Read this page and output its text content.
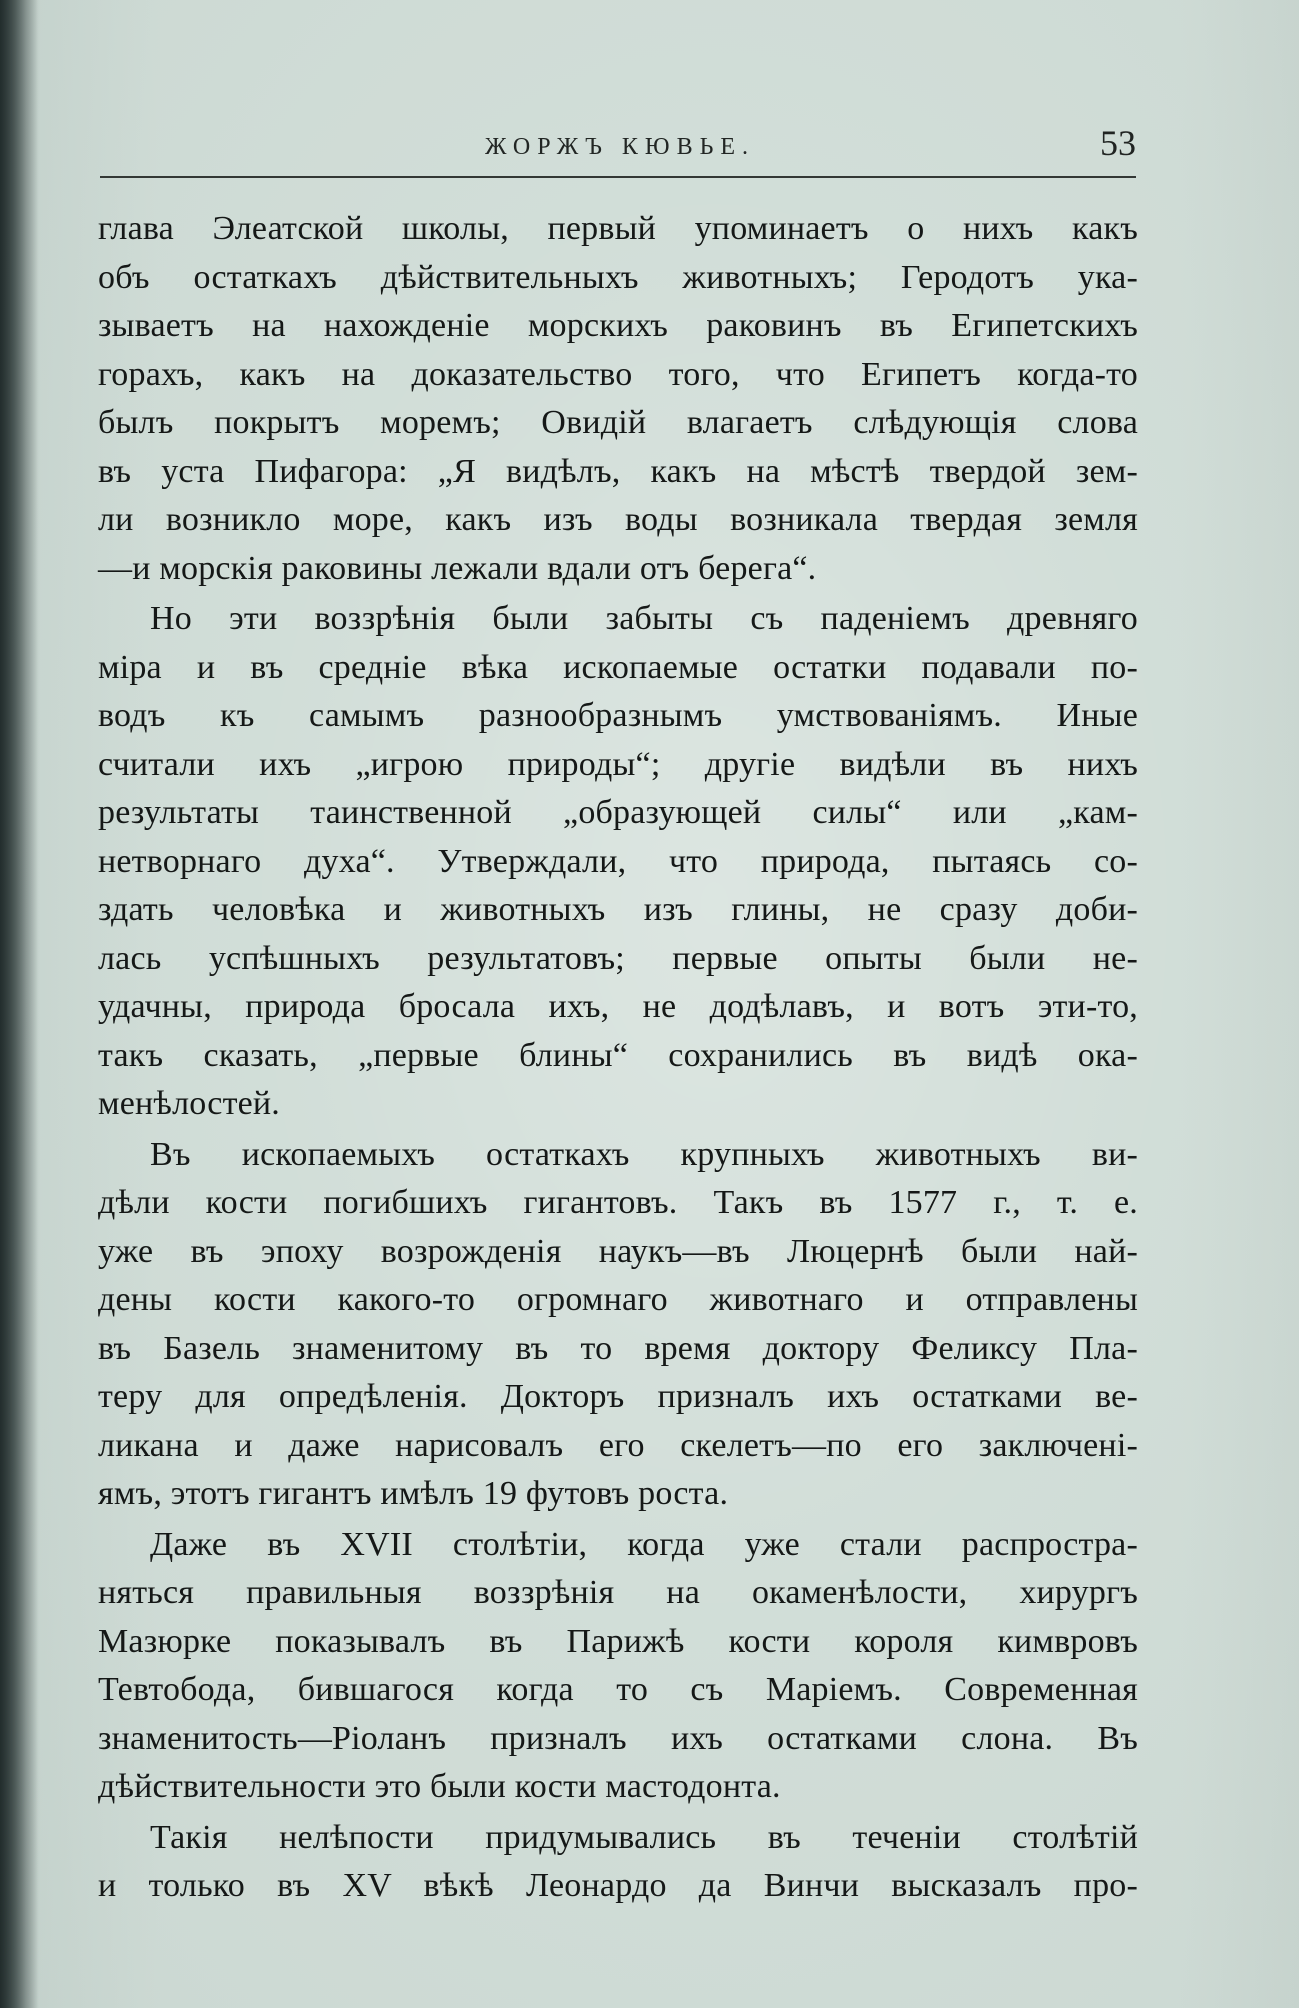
ЖОРЖЪ КЮВЬЕ.	53
глава Элеатской школы, первый упоминаетъ о нихъ какъ
объ остаткахъ дѣйствительныхъ животныхъ; Геродотъ ука-
зываетъ на нахожденіе морскихъ раковинъ въ Египетскихъ
горахъ, какъ на доказательство того, что Египетъ когда-то
былъ покрытъ моремъ; Овидій влагаетъ слѣдующія слова
въ уста Пифагора: „Я видѣлъ, какъ на мѣстѣ твердой зем-
ли возникло море, какъ изъ воды возникала твердая земля
—и морскія раковины лежали вдали отъ берега“.
Но эти воззрѣнія были забыты съ паденіемъ древняго
міра и въ средніе вѣка ископаемые остатки подавали по-
водъ къ самымъ разнообразнымъ умствованіямъ. Иные
считали ихъ „игрою природы“; другіе видѣли въ нихъ
результаты таинственной „образующей силы“ или „кам-
нетворнаго духа“. Утверждали, что природа, пытаясь со-
здать человѣка и животныхъ изъ глины, не сразу доби-
лась успѣшныхъ результатовъ; первые опыты были не-
удачны, природа бросала ихъ, не додѣлавъ, и вотъ эти-то,
такъ сказать, „первые блины“ сохранились въ видѣ ока-
менѣлостей.
Въ ископаемыхъ остаткахъ крупныхъ животныхъ ви-
дѣли кости погибшихъ гигантовъ. Такъ въ 1577 г., т. е.
уже въ эпоху возрожденія наукъ—въ Люцернѣ были най-
дены кости какого-то огромнаго животнаго и отправлены
въ Базель знаменитому въ то время доктору Феликсу Пла-
теру для опредѣленія. Докторъ призналъ ихъ остатками ве-
ликана и даже нарисовалъ его скелетъ—по его заключені-
ямъ, этотъ гигантъ имѣлъ 19 футовъ роста.
Даже въ XVII столѣтіи, когда уже стали распростра-
няться правильныя воззрѣнія на окаменѣлости, хирургъ
Мазюрке показывалъ въ Парижѣ кости короля кимвровъ
Тевтобода, бившагося когда то съ Маріемъ. Современная
знаменитость—Ріоланъ призналъ ихъ остатками слона. Въ
дѣйствительности это были кости мастодонта.
Такія нелѣпости придумывались въ теченіи столѣтій
и только въ XV вѣкѣ Леонардо да Винчи высказалъ про-
